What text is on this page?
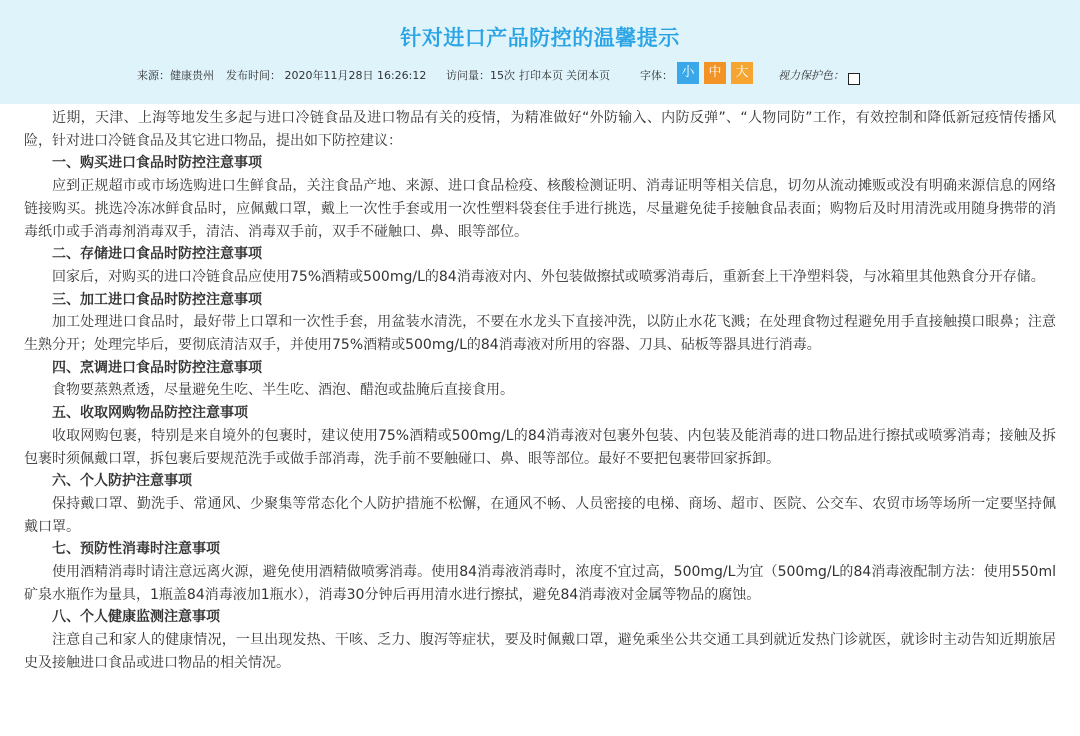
针对进口产品防控的温馨提示
来源：健康贵州 发布时间： 2020年11月28日 16:26:12 访问量：15次 打印本页 关闭本页	字体： 小	中	大	视力保护色：

近期，天津、上海等地发生多起与进口冷链食品及进口物品有关的疫情，为精准做好“外防输入、内防反弹”、“人物同防”工作，有效控制和降低新冠疫情传播风险，针对进口冷链食品及其它进口物品，提出如下防控建议：

一、购买进口食品时防控注意事项

应到正规超市或市场选购进口生鲜食品，关注食品产地、来源、进口食品检疫、核酸检测证明、消毒证明等相关信息，切勿从流动摊贩或没有明确来源信息的网络链接购买。挑选冷冻冰鲜食品时，应佩戴口罩，戴上一次性手套或用一次性塑料袋套住手进行挑选，尽量避免徒手接触食品表面；购物后及时用清洗或用随身携带的消毒纸巾或手消毒剂消毒双手，清洁、消毒双手前，双手不碰触口、鼻、眼等部位。

二、存储进口食品时防控注意事项

回家后，对购买的进口冷链食品应使用75%酒精或500mg/L的84消毒液对内、外包装做擦拭或喷雾消毒后，重新套上干净塑料袋，与冰箱里其他熟食分开存储。

三、加工进口食品时防控注意事项

加工处理进口食品时，最好带上口罩和一次性手套，用盆装水清洗，不要在水龙头下直接冲洗，以防止水花飞溅；在处理食物过程避免用手直接触摸口眼鼻；注意生熟分开；处理完毕后，要彻底清洁双手，并使用75%酒精或500mg/L的84消毒液对所用的容器、刀具、砧板等器具进行消毒。

四、烹调进口食品时防控注意事项

食物要蒸熟煮透，尽量避免生吃、半生吃、酒泡、醋泡或盐腌后直接食用。

五、收取网购物品防控注意事项

收取网购包裹，特别是来自境外的包裹时，建议使用75%酒精或500mg/L的84消毒液对包裹外包装、内包装及能消毒的进口物品进行擦拭或喷雾消毒；接触及拆包裹时须佩戴口罩，拆包裹后要规范洗手或做手部消毒，洗手前不要触碰口、鼻、眼等部位。最好不要把包裹带回家拆卸。

六、个人防护注意事项

保持戴口罩、勤洗手、常通风、少聚集等常态化个人防护措施不松懈，在通风不畅、人员密接的电梯、商场、超市、医院、公交车、农贸市场等场所一定要坚持佩戴口罩。

七、预防性消毒时注意事项

使用酒精消毒时请注意远离火源，避免使用酒精做喷雾消毒。使用84消毒液消毒时，浓度不宜过高，500mg/L为宜（500mg/L的84消毒液配制方法：使用550ml矿泉水瓶作为量具，1瓶盖84消毒液加1瓶水），消毒30分钟后再用清水进行擦拭，避免84消毒液对金属等物品的腐蚀。

八、个人健康监测注意事项

注意自己和家人的健康情况，一旦出现发热、干咳、乏力、腹泻等症状，要及时佩戴口罩，避免乘坐公共交通工具到就近发热门诊就医，就诊时主动告知近期旅居史及接触进口食品或进口物品的相关情况。
